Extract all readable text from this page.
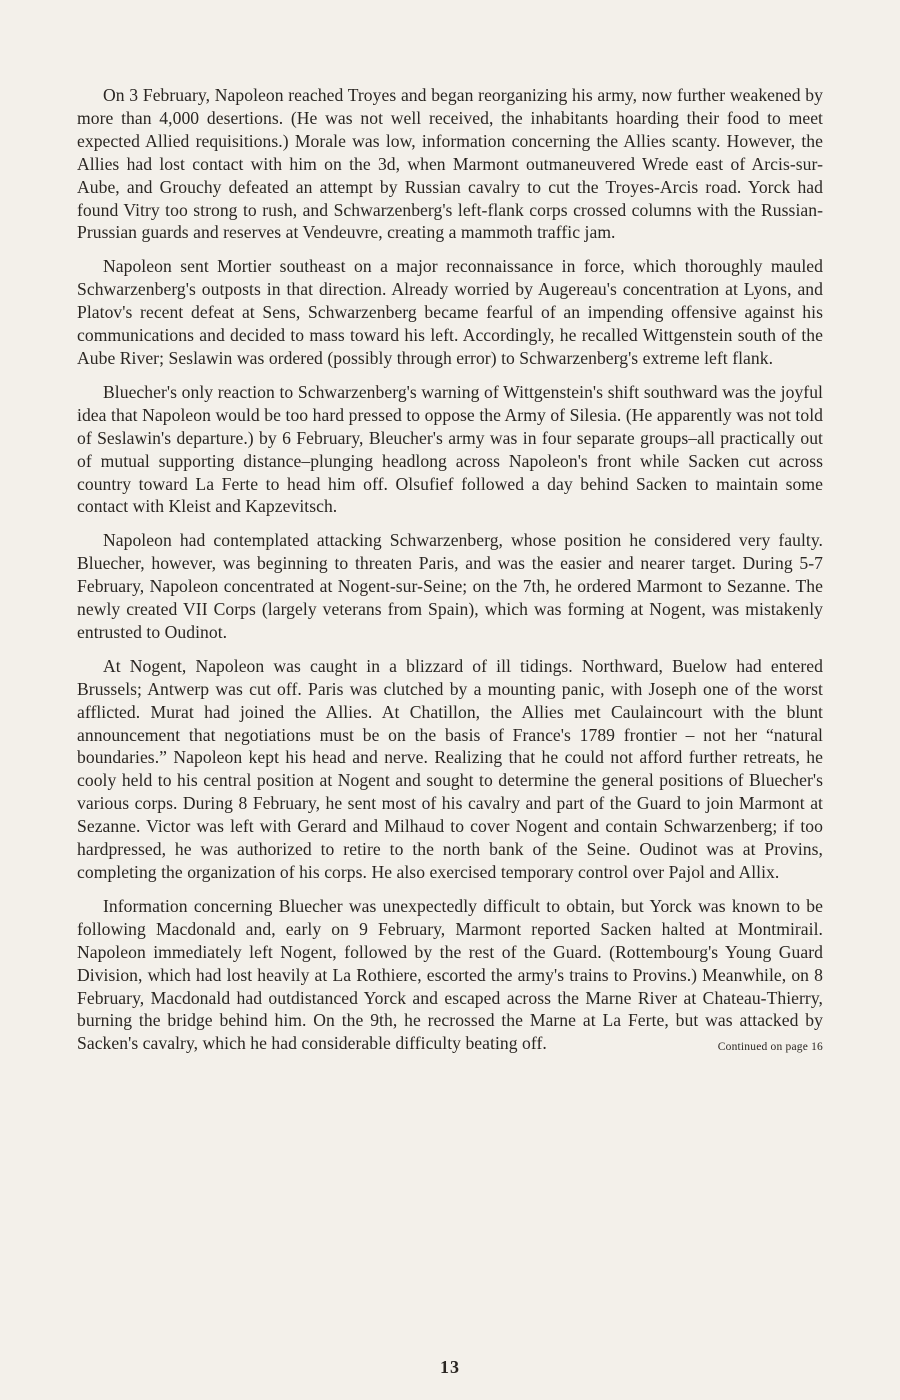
On 3 February, Napoleon reached Troyes and began reorganizing his army, now further weakened by more than 4,000 desertions. (He was not well received, the inhabitants hoarding their food to meet expected Allied requisitions.) Morale was low, information concerning the Allies scanty. However, the Allies had lost contact with him on the 3d, when Marmont outmaneuvered Wrede east of Arcis-sur-Aube, and Grouchy defeated an attempt by Russian cavalry to cut the Troyes-Arcis road. Yorck had found Vitry too strong to rush, and Schwarzenberg's left-flank corps crossed columns with the Russian-Prussian guards and reserves at Vendeuvre, creating a mammoth traffic jam.

Napoleon sent Mortier southeast on a major reconnaissance in force, which thoroughly mauled Schwarzenberg's outposts in that direction. Already worried by Augereau's concentration at Lyons, and Platov's recent defeat at Sens, Schwarzenberg became fearful of an impending offensive against his communications and decided to mass toward his left. Accordingly, he recalled Wittgenstein south of the Aube River; Seslawin was ordered (possibly through error) to Schwarzenberg's extreme left flank.

Bluecher's only reaction to Schwarzenberg's warning of Wittgenstein's shift southward was the joyful idea that Napoleon would be too hard pressed to oppose the Army of Silesia. (He apparently was not told of Seslawin's departure.) by 6 February, Bleucher's army was in four separate groups–all practically out of mutual supporting distance–plunging headlong across Napoleon's front while Sacken cut across country toward La Ferte to head him off. Olsufief followed a day behind Sacken to maintain some contact with Kleist and Kapzevitsch.

Napoleon had contemplated attacking Schwarzenberg, whose position he considered very faulty. Bluecher, however, was beginning to threaten Paris, and was the easier and nearer target. During 5-7 February, Napoleon concentrated at Nogent-sur-Seine; on the 7th, he ordered Marmont to Sezanne. The newly created VII Corps (largely veterans from Spain), which was forming at Nogent, was mistakenly entrusted to Oudinot.

At Nogent, Napoleon was caught in a blizzard of ill tidings. Northward, Buelow had entered Brussels; Antwerp was cut off. Paris was clutched by a mounting panic, with Joseph one of the worst afflicted. Murat had joined the Allies. At Chatillon, the Allies met Caulaincourt with the blunt announcement that negotiations must be on the basis of France's 1789 frontier – not her “natural boundaries.” Napoleon kept his head and nerve. Realizing that he could not afford further retreats, he cooly held to his central position at Nogent and sought to determine the general positions of Bluecher's various corps. During 8 February, he sent most of his cavalry and part of the Guard to join Marmont at Sezanne. Victor was left with Gerard and Milhaud to cover Nogent and contain Schwarzenberg; if too hardpressed, he was authorized to retire to the north bank of the Seine. Oudinot was at Provins, completing the organization of his corps. He also exercised temporary control over Pajol and Allix.

Information concerning Bluecher was unexpectedly difficult to obtain, but Yorck was known to be following Macdonald and, early on 9 February, Marmont reported Sacken halted at Montmirail. Napoleon immediately left Nogent, followed by the rest of the Guard. (Rottembourg's Young Guard Division, which had lost heavily at La Rothiere, escorted the army's trains to Provins.) Meanwhile, on 8 February, Macdonald had outdistanced Yorck and escaped across the Marne River at Chateau-Thierry, burning the bridge behind him. On the 9th, he recrossed the Marne at La Ferte, but was attacked by Sacken's cavalry, which he had considerable difficulty beating off.	Continued on page 16

13
